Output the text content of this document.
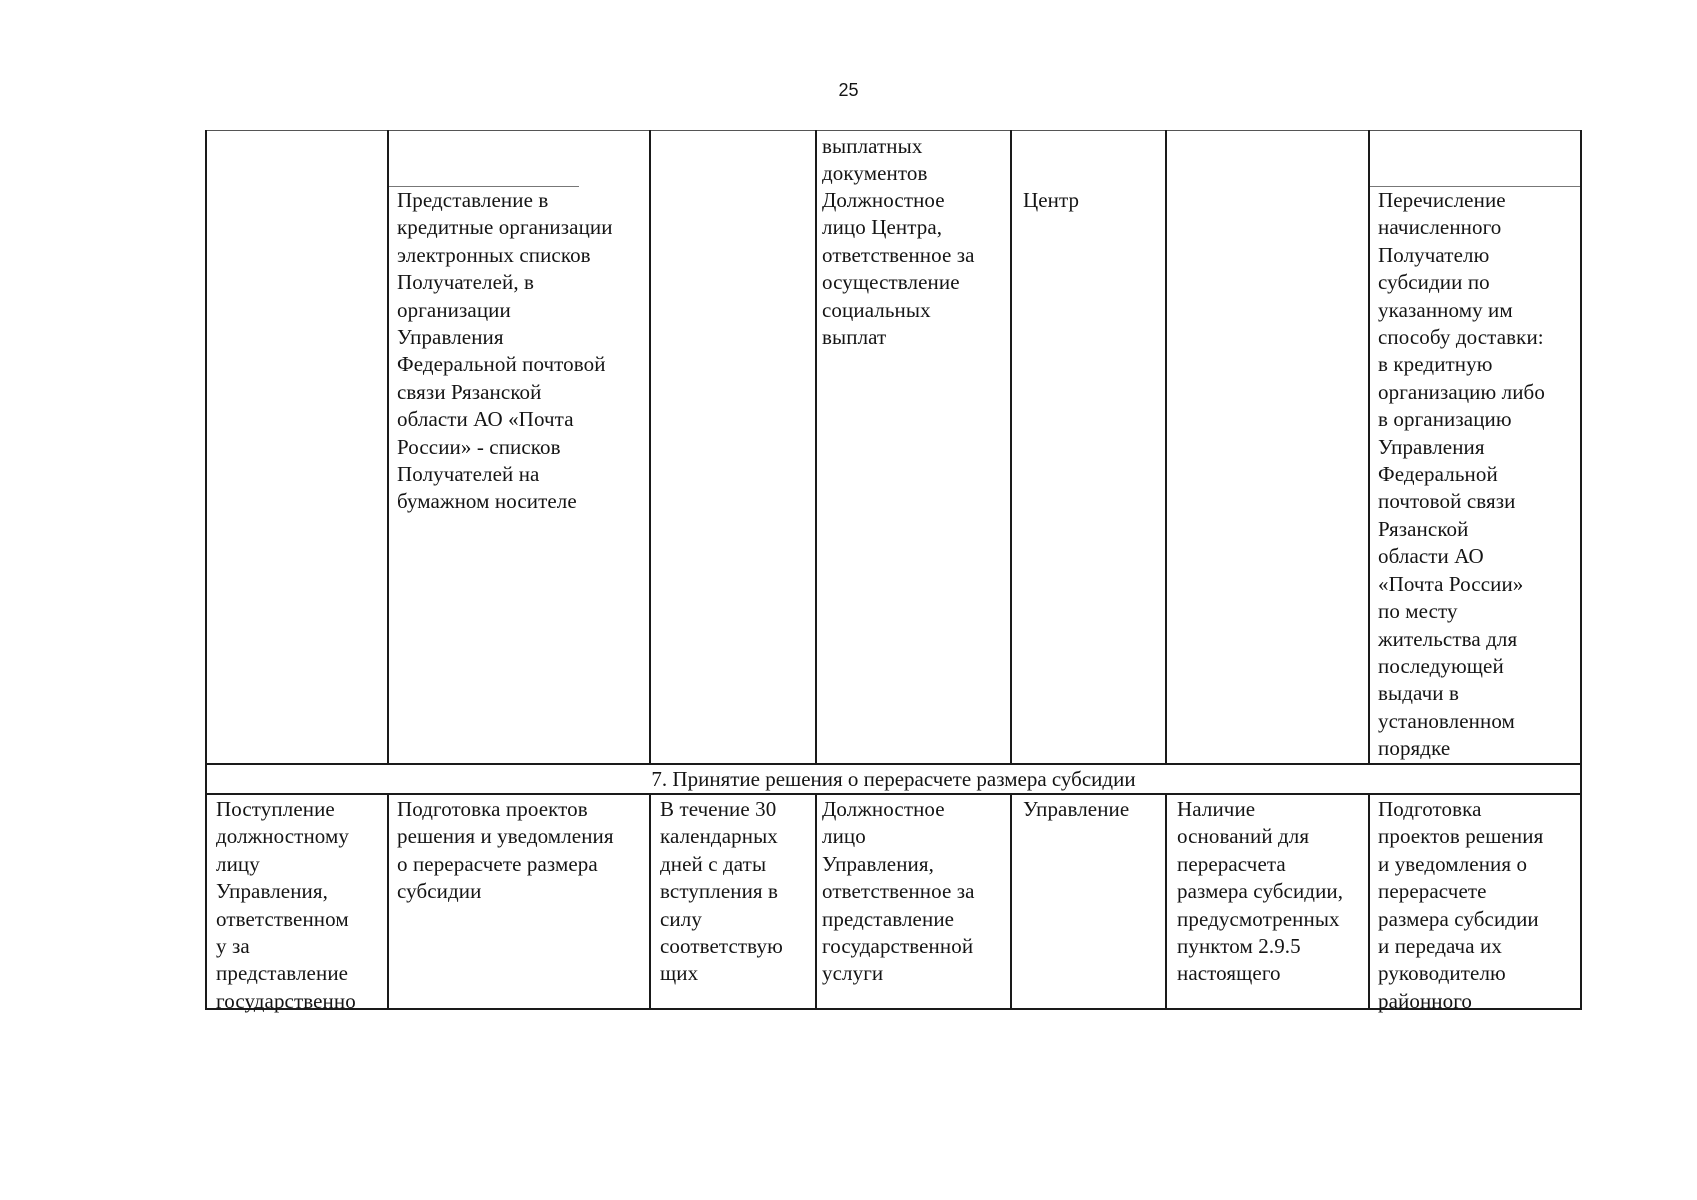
25
выплатных
документов
Представление в
кредитные организации
электронных списков
Получателей, в
организации
Управления
Федеральной почтовой
связи Рязанской
области АО «Почта
России» - списков
Получателей на
бумажном носителе
Должностное
лицо Центра,
ответственное за
осуществление
социальных
выплат
Центр	Перечисление
начисленного
Получателю
субсидии по
указанному им
способу доставки:
в кредитную
организацию либо
в организацию
Управления
Федеральной
почтовой связи
Рязанской
области АО
«Почта России»
по месту
жительства для
последующей
выдачи в
установленном
порядке
7. Принятие решения о перерасчете размера субсидии
Поступление
должностному
лицу
Управления,
ответственном
у за
представление
государственно
Подготовка проектов
решения и уведомления
о перерасчете размера
субсидии
В течение 30
календарных
дней с даты
вступления в
силу
соответствую
щих
Должностное
лицо
Управления,
ответственное за
представление
государственной
услуги
Управление	Наличие
оснований для
перерасчета
размера субсидии,
предусмотренных
пунктом 2.9.5
настоящего
Подготовка
проектов решения
и уведомления о
перерасчете
размера субсидии
и передача их
руководителю
районного
